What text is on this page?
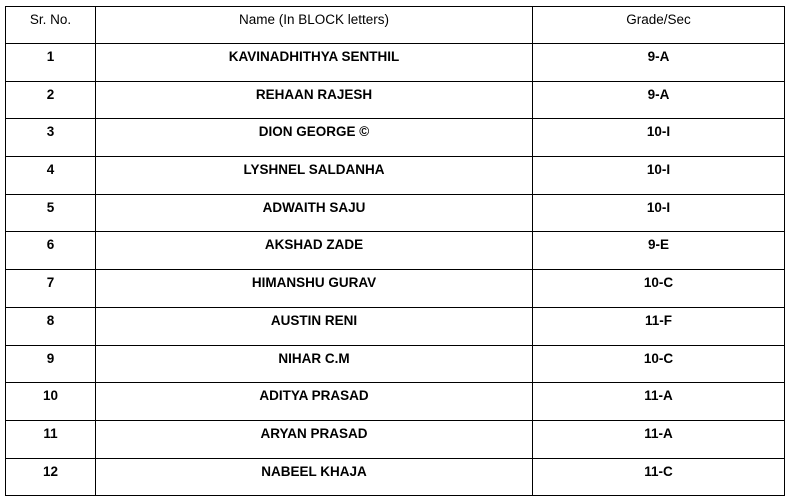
Sr. No.	Name (In BLOCK letters)	Grade/Sec
1	KAVINADHITHYA SENTHIL	9-A
2	REHAAN RAJESH	9-A
3	DION GEORGE ©	10-I
4	LYSHNEL SALDANHA	10-I
5	ADWAITH SAJU	10-I
6	AKSHAD ZADE	9-E
7	HIMANSHU GURAV	10-C
8	AUSTIN RENI	11-F
9	NIHAR C.M	10-C
10	ADITYA PRASAD	11-A
11	ARYAN PRASAD	11-A
12	NABEEL KHAJA	11-C
